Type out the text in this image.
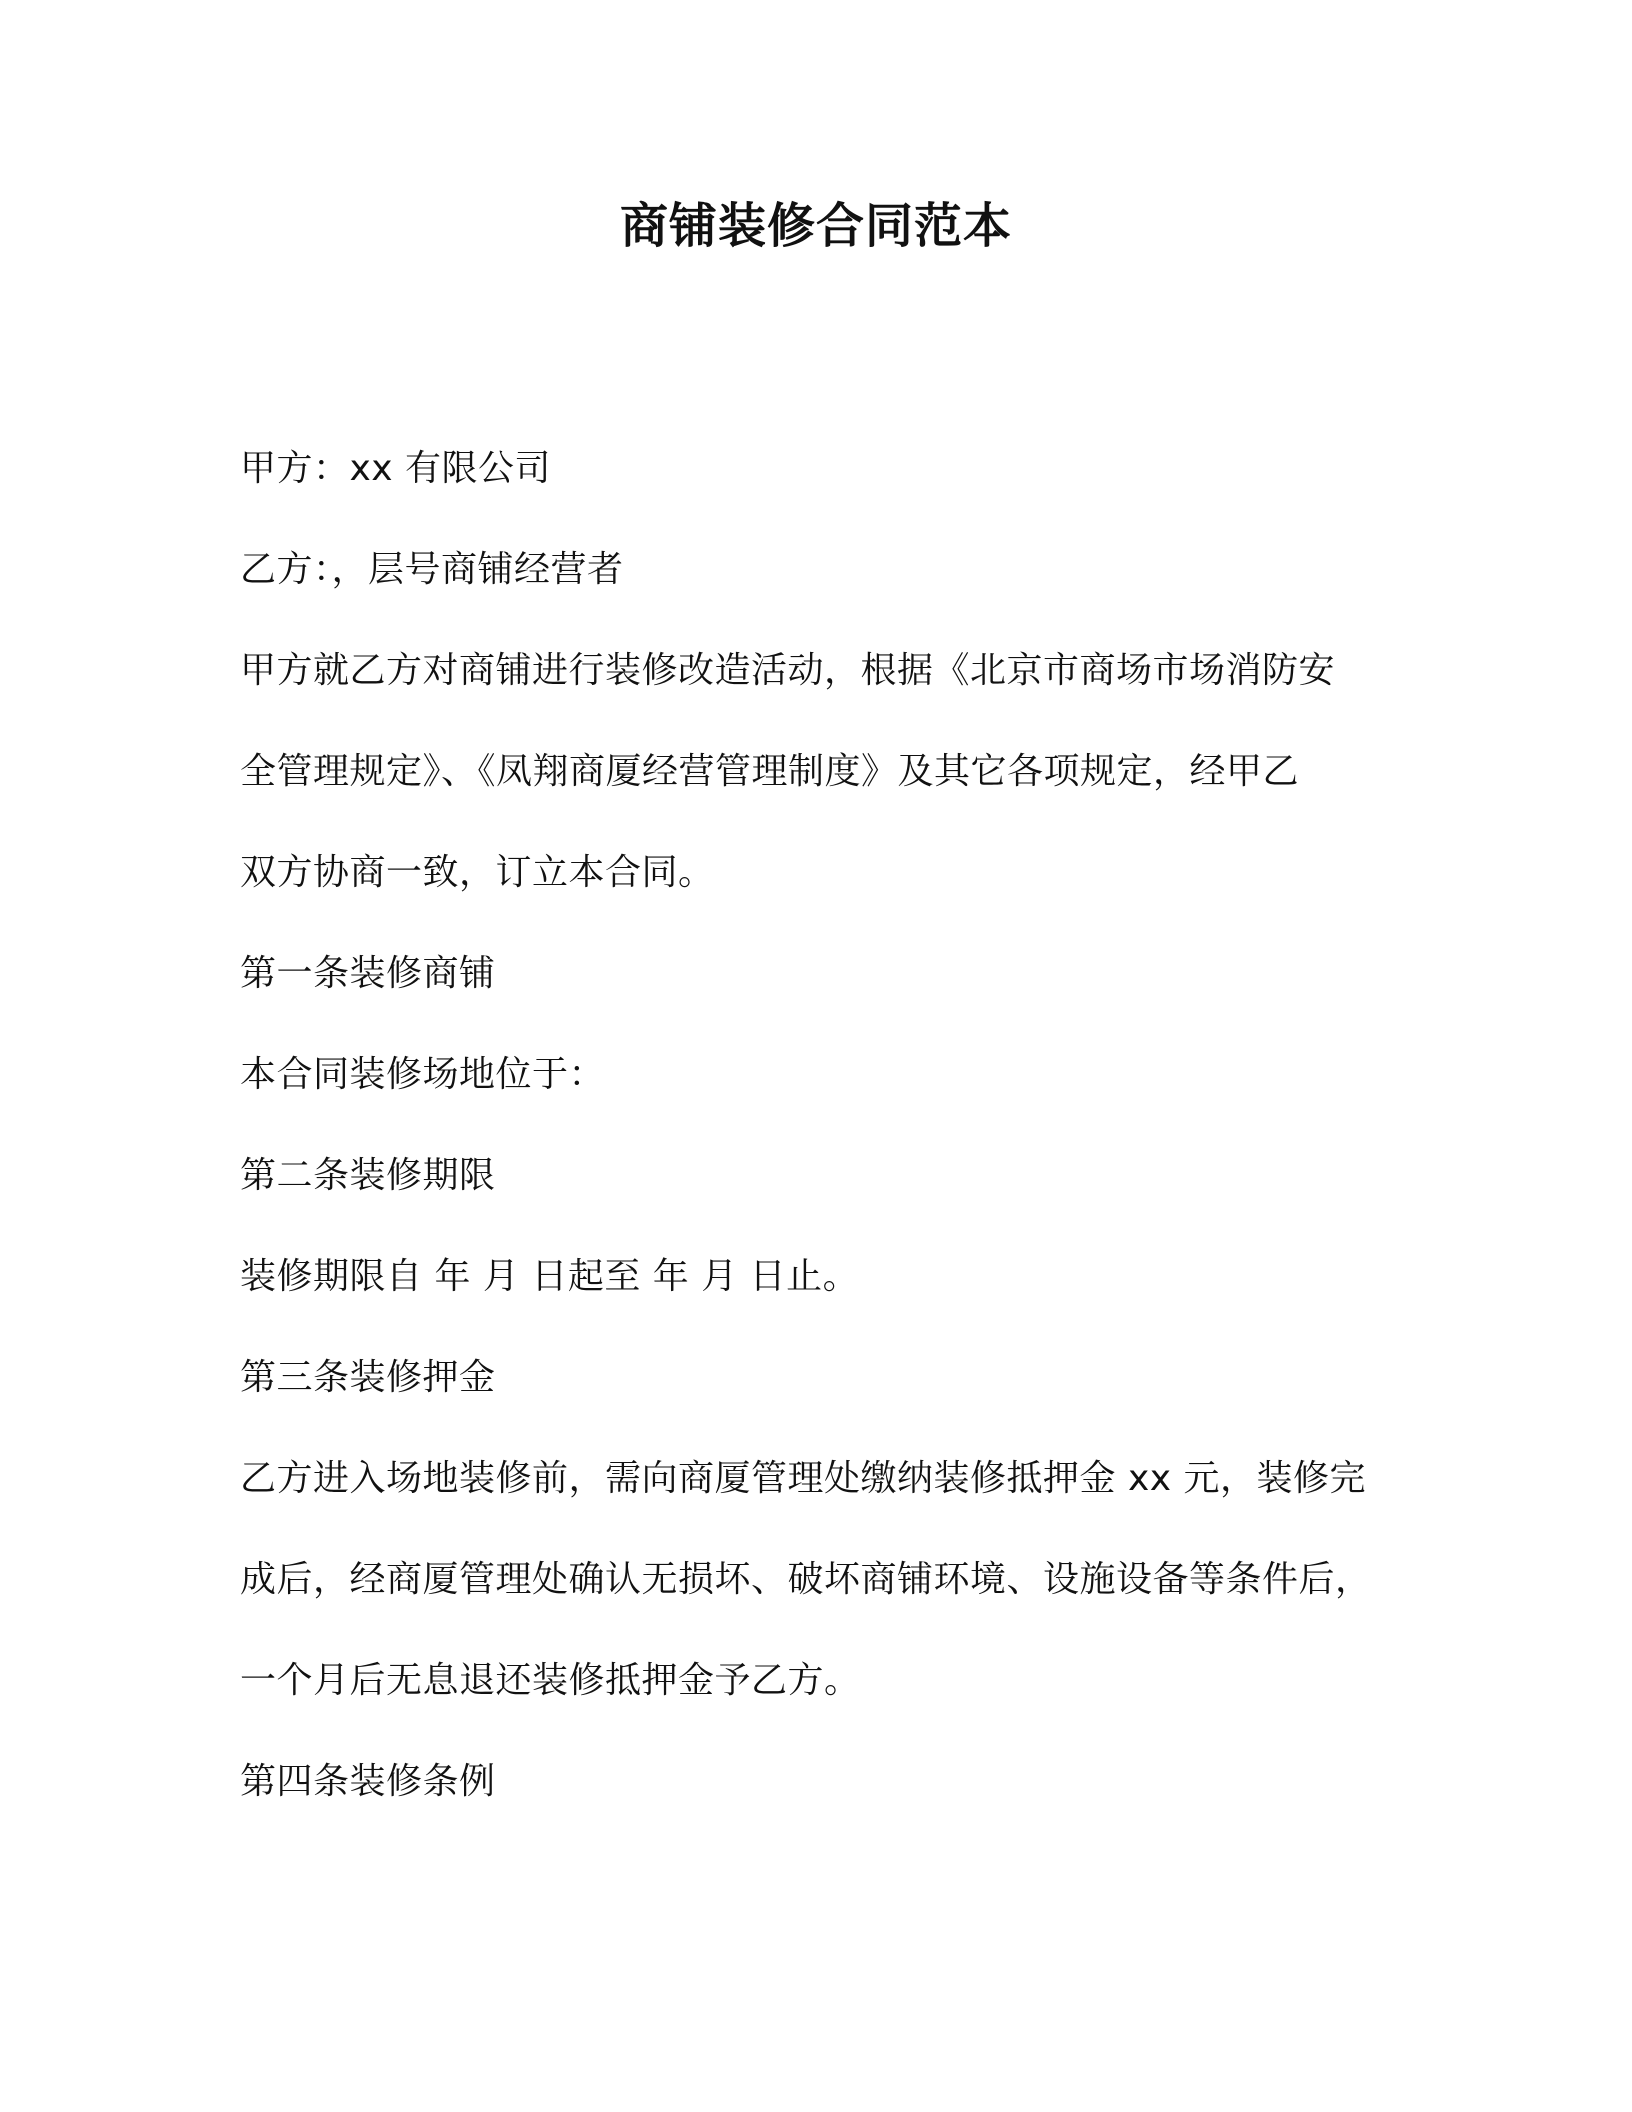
商铺装修合同范本
甲方：xx 有限公司
乙方：，层号商铺经营者
甲方就乙方对商铺进行装修改造活动，根据《北京市商场市场消防安
全管理规定》、《凤翔商厦经营管理制度》及其它各项规定，经甲乙
双方协商一致，订立本合同。
第一条装修商铺
本合同装修场地位于：
第二条装修期限
装修期限自 年 月 日起至 年 月 日止。
第三条装修押金
乙方进入场地装修前，需向商厦管理处缴纳装修抵押金 xx 元，装修完
成后，经商厦管理处确认无损坏、破坏商铺环境、设施设备等条件后，
一个月后无息退还装修抵押金予乙方。
第四条装修条例
